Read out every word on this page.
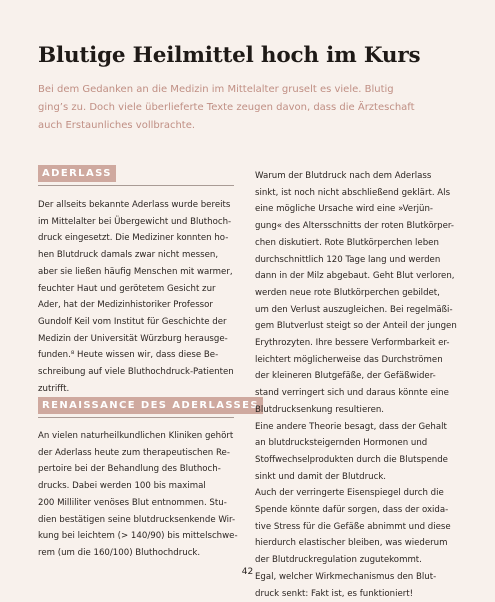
Blutige Heilmittel hoch im Kurs

Bei dem Gedanken an die Medizin im Mittelalter gruselt es viele. Blutig ging’s zu. Doch viele überlieferte Texte zeugen davon, dass die Ärzteschaft auch Erstaunliches vollbrachte.

ADERLASS

Der allseits bekannte Aderlass wurde bereits

im Mittelalter bei Übergewicht und Bluthoch-

druck eingesetzt. Die Mediziner konnten ho-

hen Blutdruck damals zwar nicht messen,

aber sie ließen häufig Menschen mit warmer,

feuchter Haut und gerötetem Gesicht zur

Ader, hat der Medizinhistoriker Professor

Gundolf Keil vom Institut für Geschichte der

Medizin der Universität Würzburg herausge-

funden.⁸ Heute wissen wir, dass diese Be-

schreibung auf viele Bluthochdruck-Patienten

zutrifft.

RENAISSANCE DES ADERLASSES

An vielen naturheilkundlichen Kliniken gehört

der Aderlass heute zum therapeutischen Re-

pertoire bei der Behandlung des Bluthoch-

drucks. Dabei werden 100 bis maximal

200 Milliliter venöses Blut entnommen. Stu-

dien bestätigen seine blutdrucksenkende Wir-

kung bei leichtem (> 140/90) bis mittelschwe-

rem (um die 160/100) Bluthochdruck.

Warum der Blutdruck nach dem Aderlass

sinkt, ist noch nicht abschließend geklärt. Als

eine mögliche Ursache wird eine »Verjün-

gung« des Altersschnitts der roten Blutkörper-

chen diskutiert. Rote Blutkörperchen leben

durchschnittlich 120 Tage lang und werden

dann in der Milz abgebaut. Geht Blut verloren,

werden neue rote Blutkörperchen gebildet,

um den Verlust auszugleichen. Bei regelmäßi-

gem Blutverlust steigt so der Anteil der jungen

Erythrozyten. Ihre bessere Verformbarkeit er-

leichtert möglicherweise das Durchströmen

der kleineren Blutgefäße, der Gefäßwider-

stand verringert sich und daraus könnte eine

Blutdrucksenkung resultieren.

Eine andere Theorie besagt, dass der Gehalt

an blutdrucksteigernden Hormonen und

Stoffwechselprodukten durch die Blutspende

sinkt und damit der Blutdruck.

Auch der verringerte Eisenspiegel durch die

Spende könnte dafür sorgen, dass der oxida-

tive Stress für die Gefäße abnimmt und diese

hierdurch elastischer bleiben, was wiederum

der Blutdruckregulation zugutekommt.

Egal, welcher Wirkmechanismus den Blut-

druck senkt: Fakt ist, es funktioniert!

42
